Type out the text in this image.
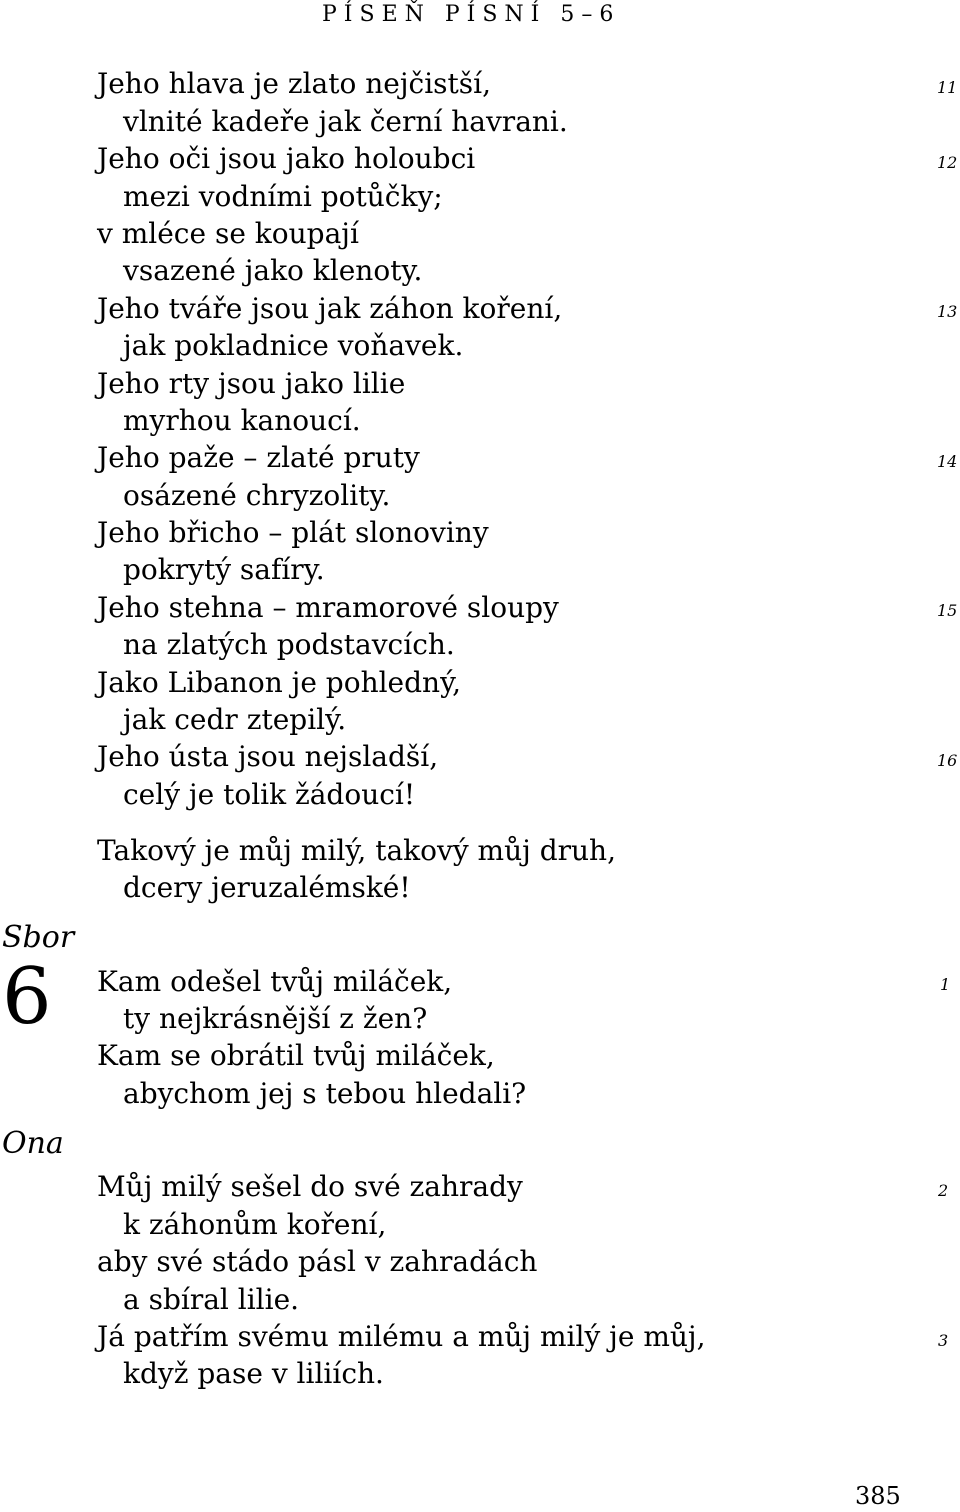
PÍSEŇ PÍSNÍ 5–6
Jeho hlava je zlato nejčistší,
vlnité kadeře jak černí havrani.
Jeho oči jsou jako holoubci
mezi vodními potůčky;
v mléce se koupají
vsazené jako klenoty.
Jeho tváře jsou jak záhon koření,
jak pokladnice voňavek.
Jeho rty jsou jako lilie
myrhou kanoucí.
Jeho paže – zlaté pruty
osázené chryzolity.
Jeho břicho – plát slonoviny
pokrytý safíry.
Jeho stehna – mramorové sloupy
na zlatých podstavcích.
Jako Libanon je pohledný,
jak cedr ztepilý.
Jeho ústa jsou nejsladší,
celý je tolik žádoucí!
Takový je můj milý, takový můj druh,
dcery jeruzalémské!
Kam odešel tvůj miláček,
ty nejkrásnější z žen?
Kam se obrátil tvůj miláček,
abychom jej s tebou hledali?
Můj milý sešel do své zahrady
k záhonům koření,
aby své stádo pásl v zahradách
a sbíral lilie.
Já patřím svému milému a můj milý je můj,
když pase v liliích.
11
12
13
14
15
16
1
2
3
Sbor
6
Ona
385
